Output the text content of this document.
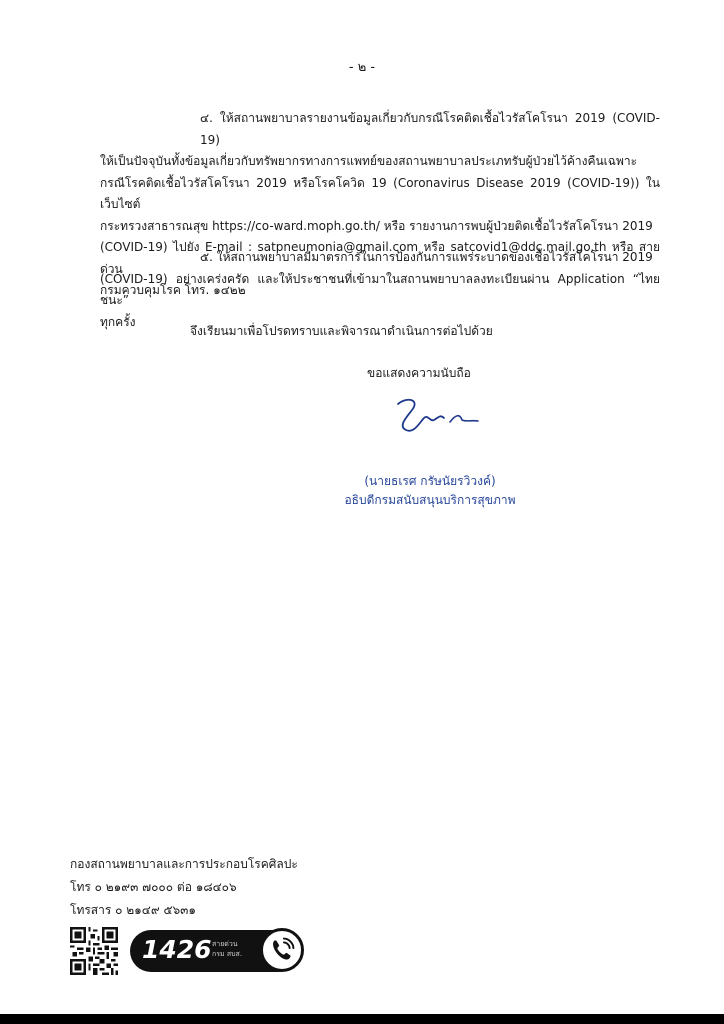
- ๒ -

๔. ให้สถานพยาบาลรายงานข้อมูลเกี่ยวกับกรณีโรคติดเชื้อไวรัสโคโรนา 2019 (COVID-19)

ให้เป็นปัจจุบันทั้งข้อมูลเกี่ยวกับทรัพยากรทางการแพทย์ของสถานพยาบาลประเภทรับผู้ป่วยไว้ค้างคืนเฉพาะ

กรณีโรคติดเชื้อไวรัสโคโรนา 2019 หรือโรคโควิด 19 (Coronavirus Disease 2019 (COVID-19)) ในเว็บไซต์

กระทรวงสาธารณสุข https://co-ward.moph.go.th/ หรือ รายงานการพบผู้ป่วยติดเชื้อไวรัสโคโรนา 2019

(COVID-19) ไปยัง E-mail : satpneumonia@gmail.com หรือ satcovid1@ddc.mail.go.th หรือ สายด่วน

กรมควบคุมโรค โทร. ๑๔๒๒

๕. ให้สถานพยาบาลมีมาตรการในการป้องกันการแพร่ระบาดของเชื้อไวรัสโคโรนา 2019

(COVID-19) อย่างเคร่งครัด และให้ประชาชนที่เข้ามาในสถานพยาบาลลงทะเบียนผ่าน Application “ไทยชนะ”

ทุกครั้ง

จึงเรียนมาเพื่อโปรดทราบและพิจารณาดำเนินการต่อไปด้วย
ขอแสดงความนับถือ
(นายธเรศ กรัษนัยรวิวงค์)
อธิบดีกรมสนับสนุนบริการสุขภาพ
กองสถานพยาบาลและการประกอบโรคศิลปะ
โทร ๐ ๒๑๙๓ ๗๐๐๐ ต่อ ๑๘๔๐๖
โทรสาร ๐ ๒๑๔๙ ๕๖๓๑
1426 สายด่วน
กรม สบส.
